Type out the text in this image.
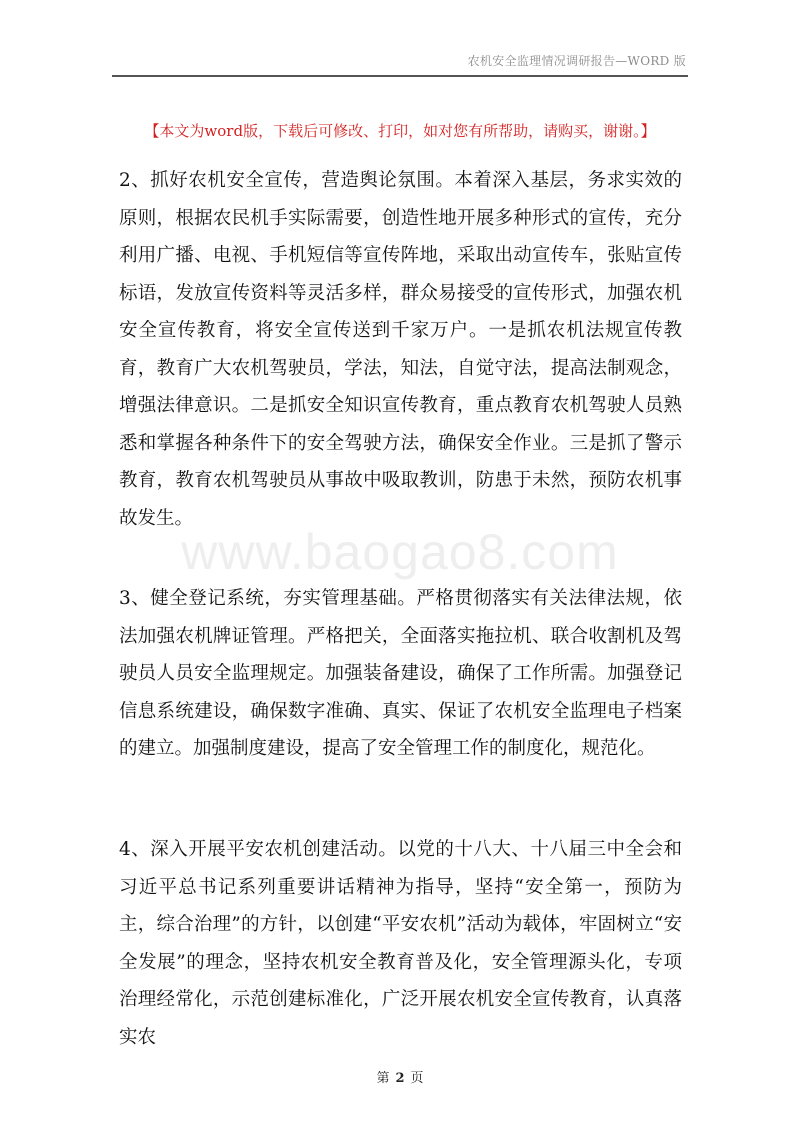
农机安全监理情况调研报告—WORD 版
【本文为word版，下载后可修改、打印，如对您有所帮助，请购买，谢谢。】

2、抓好农机安全宣传，营造舆论氛围。本着深入基层，务求实效的原则，根据农民机手实际需要，创造性地开展多种形式的宣传，充分利用广播、电视、手机短信等宣传阵地，采取出动宣传车，张贴宣传标语，发放宣传资料等灵活多样，群众易接受的宣传形式，加强农机安全宣传教育，将安全宣传送到千家万户。一是抓农机法规宣传教育，教育广大农机驾驶员，学法，知法，自觉守法，提高法制观念，增强法律意识。二是抓安全知识宣传教育，重点教育农机驾驶人员熟悉和掌握各种条件下的安全驾驶方法，确保安全作业。三是抓了警示教育，教育农机驾驶员从事故中吸取教训，防患于未然，预防农机事故发生。

www.baogao8.com

3、健全登记系统，夯实管理基础。严格贯彻落实有关法律法规，依法加强农机牌证管理。严格把关，全面落实拖拉机、联合收割机及驾驶员人员安全监理规定。加强装备建设，确保了工作所需。加强登记信息系统建设，确保数字准确、真实、保证了农机安全监理电子档案的建立。加强制度建设，提高了安全管理工作的制度化，规范化。

4、深入开展平安农机创建活动。以党的十八大、十八届三中全会和习近平总书记系列重要讲话精神为指导，坚持“安全第一，预防为主，综合治理”的方针，以创建“平安农机”活动为载体，牢固树立“安全发展”的理念，坚持农机安全教育普及化，安全管理源头化，专项治理经常化，示范创建标准化，广泛开展农机安全宣传教育，认真落实农

第 2 页
